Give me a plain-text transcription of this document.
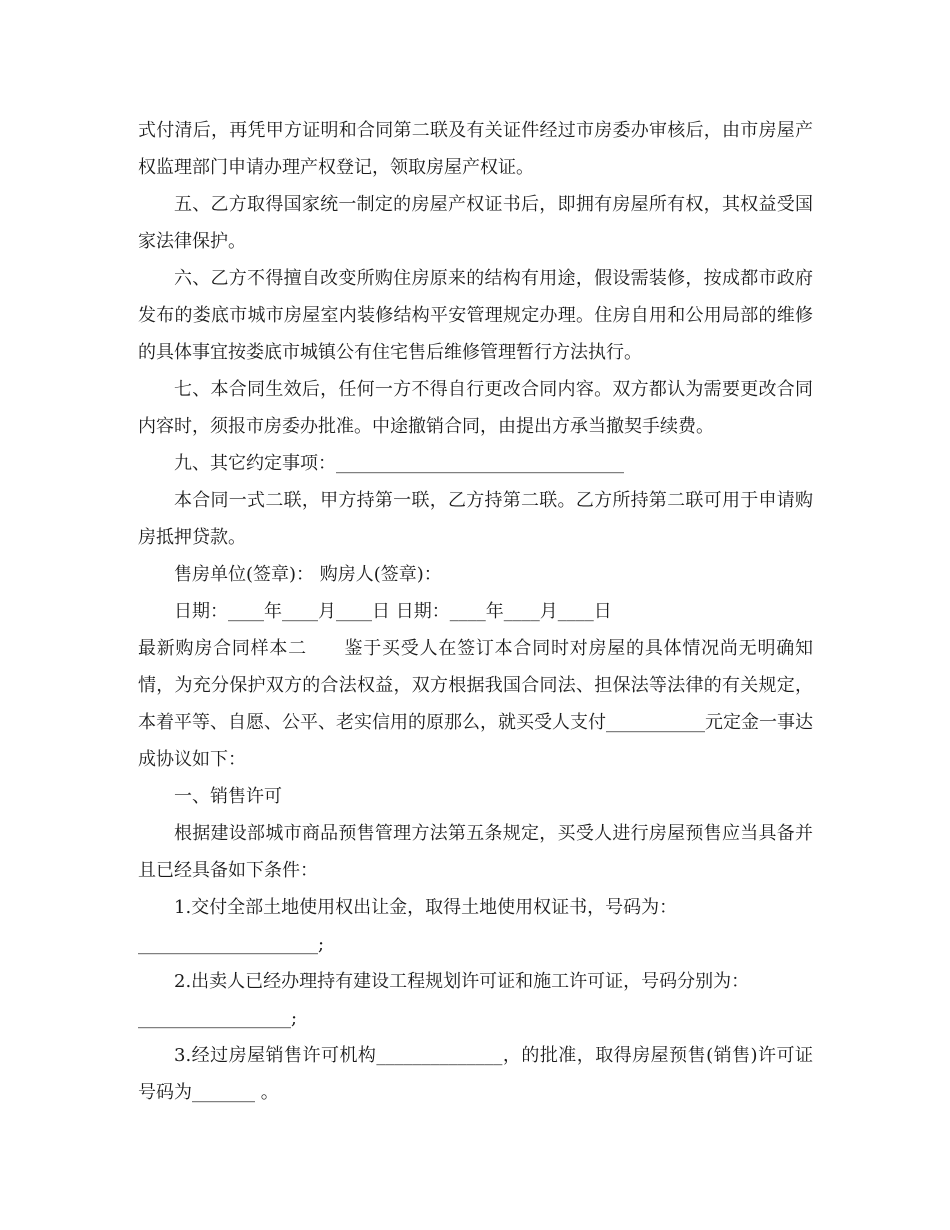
式付清后，再凭甲方证明和合同第二联及有关证件经过市房委办审核后，由市房屋产权监理部门申请办理产权登记，领取房屋产权证。

五、乙方取得国家统一制定的房屋产权证书后，即拥有房屋所有权，其权益受国家法律保护。

六、乙方不得擅自改变所购住房原来的结构有用途，假设需装修，按成都市政府发布的娄底市城市房屋室内装修结构平安管理规定办理。住房自用和公用局部的维修的具体事宜按娄底市城镇公有住宅售后维修管理暂行方法执行。

七、本合同生效后，任何一方不得自行更改合同内容。双方都认为需要更改合同内容时，须报市房委办批准。中途撤销合同，由提出方承当撤契手续费。

九、其它约定事项：________________________________

本合同一式二联，甲方持第一联，乙方持第二联。乙方所持第二联可用于申请购房抵押贷款。

售房单位(签章)： 购房人(签章)：

日期：____年____月____日 日期：____年____月____日

最新购房合同样本二　　鉴于买受人在签订本合同时对房屋的具体情况尚无明确知情，为充分保护双方的合法权益，双方根据我国合同法、担保法等法律的有关规定，本着平等、自愿、公平、老实信用的原那么，就买受人支付___________元定金一事达成协议如下：

一、销售许可

根据建设部城市商品预售管理方法第五条规定，买受人进行房屋预售应当具备并且已经具备如下条件：

1.交付全部土地使用权出让金，取得土地使用权证书，号码为：

____________________;

2.出卖人已经办理持有建设工程规划许可证和施工许可证，号码分别为：

_________________;

3.经过房屋销售许可机构______________，的批准，取得房屋预售(销售)许可证号码为_______ 。
